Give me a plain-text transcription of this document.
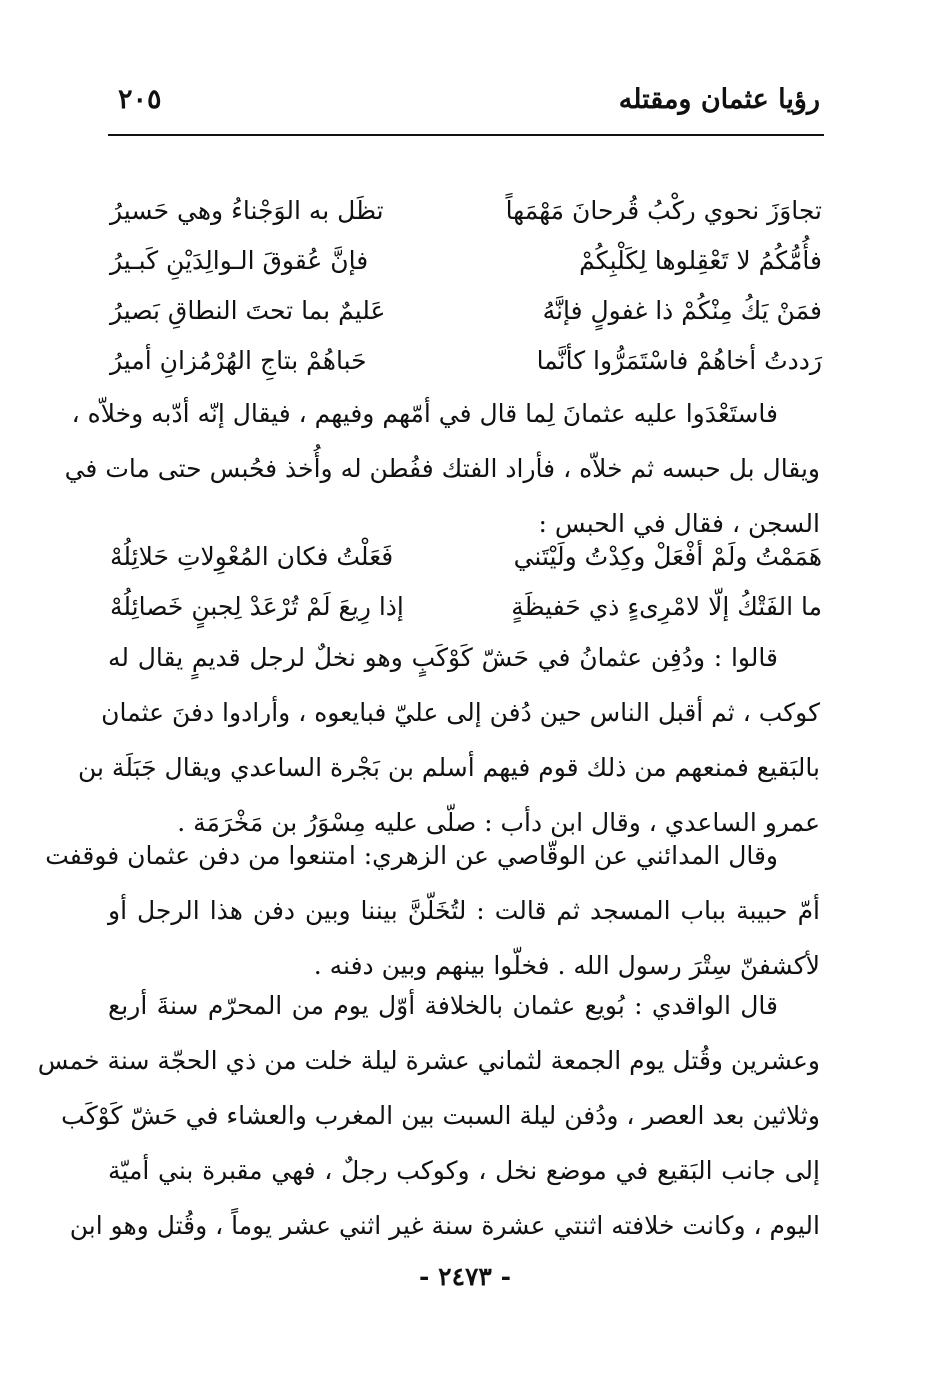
رؤيا عثمان ومقتله
٢٠٥
تجاوَزَ نحوي ركْبُ قُرحانَ مَهْمَهاً
تظَل به الوَجْناءُ وهي حَسيرُ
فأُمُّكُمُ لا تَعْقِلوها لِكَلْبِكُمْ
فإنَّ عُقوقَ الـوالِدَيْنِ كَبـيرُ
فمَنْ يَكُ مِنْكُمْ ذا غفولٍ فإنَّهُ
عَليمٌ بما تحتَ النطاقِ بَصيرُ
رَددتُ أخاهُمْ فاسْتَمَرُّوا كأنَّما
حَباهُمْ بتاجِ الهُرْمُزانِ أميرُ
فاستَعْدَوا عليه عثمانَ لِما قال في أمّهم وفيهم ، فيقال إنّه أدّبه وخلاّه ،
ويقال بل حبسه ثم خلاّه ، فأراد الفتك ففُطن له وأُخذ فحُبس حتى مات في
السجن ، فقال في الحبس :
هَمَمْتُ ولَمْ أفْعَلْ وكِدْتُ ولَيْتَني
فَعَلْتُ فكان المُعْوِلاتِ حَلائِلُهْ
ما الفَتْكُ إلّا لامْرِىءٍ ذي حَفيظَةٍ
إذا رِيعَ لَمْ تُرْعَدْ لِجبنٍ خَصائِلُهْ
قالوا : ودُفِن عثمانُ في حَشّ كَوْكَبٍ وهو نخلٌ لرجل قديمٍ يقال له
كوكب ، ثم أقبل الناس حين دُفن إلى عليّ فبايعوه ، وأرادوا دفنَ عثمان
بالبَقيع فمنعهم من ذلك قوم فيهم أسلم بن بَجْرة الساعدي ويقال جَبَلَة بن
عمرو الساعدي ، وقال ابن دأب : صلّى عليه مِسْوَرُ بن مَخْرَمَة .
وقال المدائني عن الوقّاصي عن الزهري: امتنعوا من دفن عثمان فوقفت
أمّ حبيبة بباب المسجد ثم قالت : لتُخَلّنَّ بيننا وبين دفن هذا الرجل أو
لأكشفنّ سِتْرَ رسول الله . فخلّوا بينهم وبين دفنه .
قال الواقدي : بُويع عثمان بالخلافة أوّل يوم من المحرّم سنةَ أربع
وعشرين وقُتل يوم الجمعة لثماني عشرة ليلة خلت من ذي الحجّة سنة خمس
وثلاثين بعد العصر ، ودُفن ليلة السبت بين المغرب والعشاء في حَشّ كَوْكَب
إلى جانب البَقيع في موضع نخل ، وكوكب رجلٌ ، فهي مقبرة بني أميّة
اليوم ، وكانت خلافته اثنتي عشرة سنة غير اثني عشر يوماً ، وقُتل وهو ابن
- ٢٤٧٣ -
